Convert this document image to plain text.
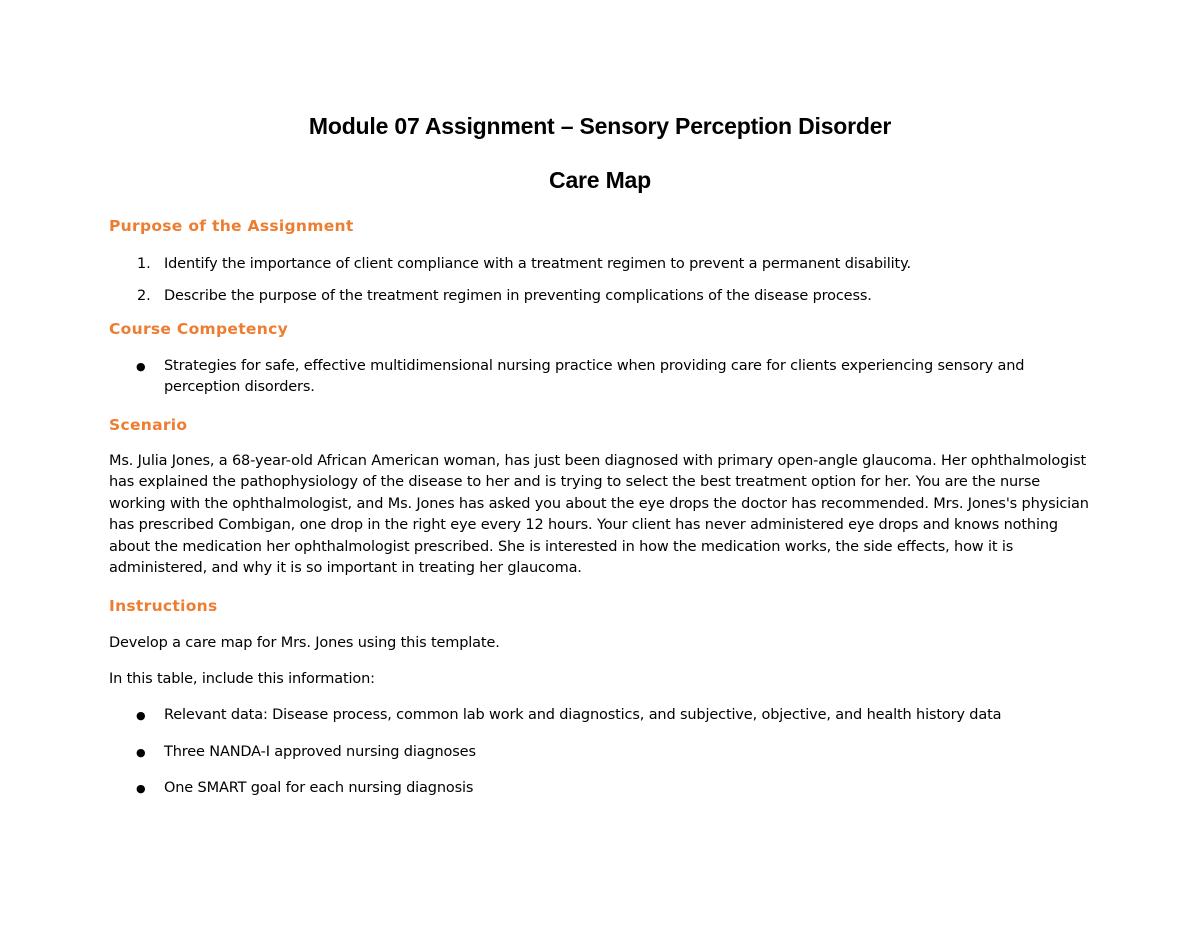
Module 07 Assignment – Sensory Perception Disorder
Care Map
Purpose of the Assignment
1. Identify the importance of client compliance with a treatment regimen to prevent a permanent disability.
2. Describe the purpose of the treatment regimen in preventing complications of the disease process.
Course Competency
● Strategies for safe, effective multidimensional nursing practice when providing care for clients experiencing sensory and perception disorders.
Scenario

Ms. Julia Jones, a 68-year-old African American woman, has just been diagnosed with primary open-angle glaucoma. Her ophthalmologist has explained the pathophysiology of the disease to her and is trying to select the best treatment option for her. You are the nurse working with the ophthalmologist, and Ms. Jones has asked you about the eye drops the doctor has recommended. Mrs. Jones's physician has prescribed Combigan, one drop in the right eye every 12 hours. Your client has never administered eye drops and knows nothing about the medication her ophthalmologist prescribed. She is interested in how the medication works, the side effects, how it is administered, and why it is so important in treating her glaucoma.

Instructions

Develop a care map for Mrs. Jones using this template.

In this table, include this information:

● Relevant data: Disease process, common lab work and diagnostics, and subjective, objective, and health history data
● Three NANDA-I approved nursing diagnoses
● One SMART goal for each nursing diagnosis
